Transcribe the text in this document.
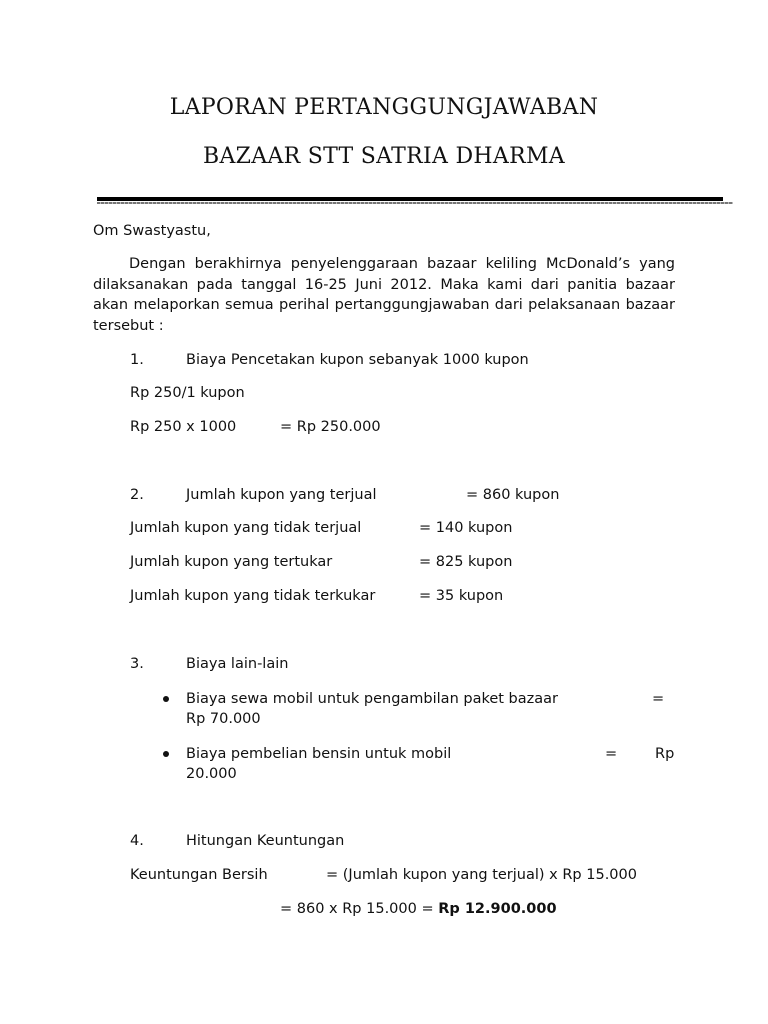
LAPORAN PERTANGGUNGJAWABAN
BAZAAR STT SATRIA DHARMA
Om Swastyastu,
Dengan berakhirnya penyelenggaraan bazaar keliling McDonald’s yang dilaksanakan pada tanggal 16-25 Juni 2012. Maka kami dari panitia bazaar akan melaporkan semua perihal pertanggungjawaban dari pelaksanaan bazaar tersebut :
1.	Biaya Pencetakan kupon sebanyak 1000 kupon
Rp 250/1 kupon
Rp 250 x 1000	= Rp 250.000
2.	Jumlah kupon yang terjual	= 860 kupon
Jumlah kupon yang tidak terjual	= 140 kupon
Jumlah kupon yang tertukar	= 825 kupon
Jumlah kupon yang tidak terkukar	= 35 kupon
3.	Biaya lain-lain
Biaya sewa mobil untuk pengambilan paket bazaar	=
Rp 70.000
Biaya pembelian bensin untuk mobil	=	Rp
20.000
4.	Hitungan Keuntungan
Keuntungan Bersih	= (Jumlah kupon yang terjual) x Rp 15.000
= 860 x Rp 15.000 = Rp 12.900.000
